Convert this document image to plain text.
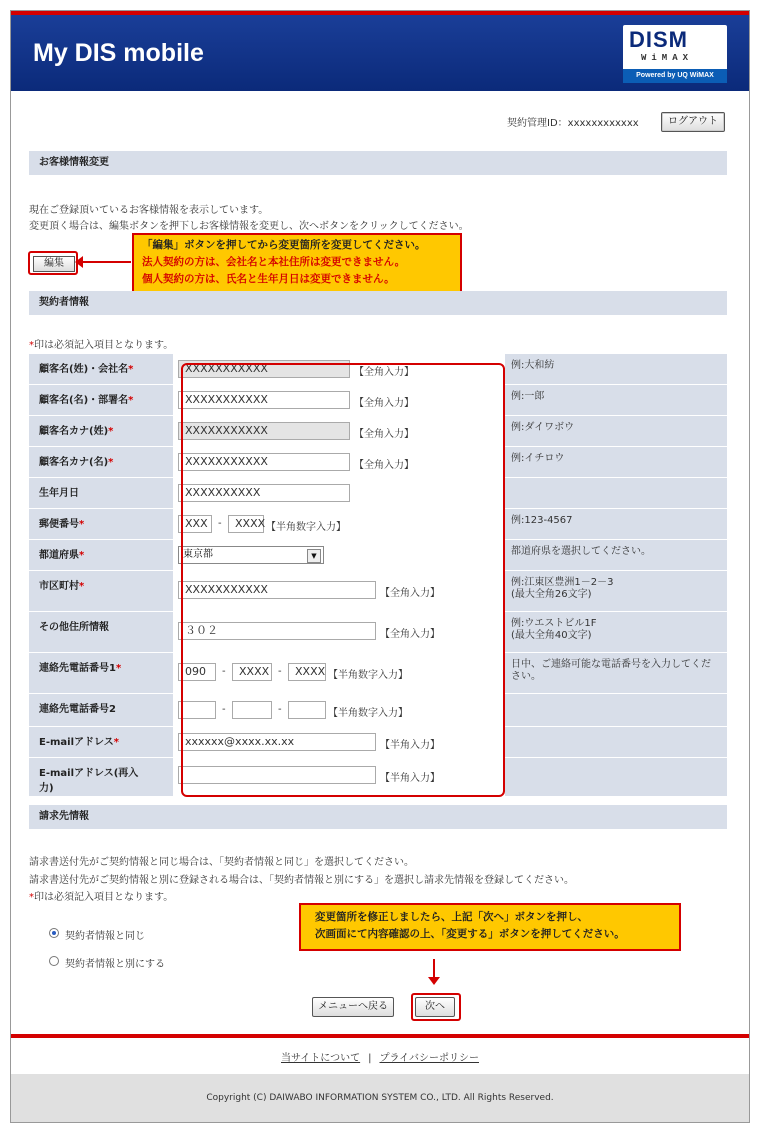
My DIS mobile	DISM
WiMAX
Powered by UQ WiMAX
契約管理ID：xxxxxxxxxxxx	ログアウト
お客様情報変更
現在ご登録頂いているお客様情報を表示しています。
変更頂く場合は、編集ボタンを押下しお客様情報を変更し、次へボタンをクリックしてください。
編集
「編集」ボタンを押してから変更箇所を変更してください。
法人契約の方は、会社名と本社住所は変更できません。
個人契約の方は、氏名と生年月日は変更できません。
契約者情報
*印は必須記入項目となります。
顧客名(姓)・会社名*	XXXXXXXXXXX	【全角入力】
例:大和紡
顧客名(名)・部署名*	XXXXXXXXXXX	【全角入力】
例:一郎
顧客名カナ(姓)*	XXXXXXXXXXX	【全角入力】
例:ダイワボウ
顧客名カナ(名)*	XXXXXXXXXXX	【全角入力】
例:イチロウ
生年月日	XXXXXXXXXX
郵便番号*	XXX	-	XXXX 【半角数字入力】
例:123-4567
都道府県*	東京都	▼	都道府県を選択してください。
市区町村*	XXXXXXXXXXX	【全角入力】
例:江東区豊洲1－2－3
(最大全角26文字)
その他住所情報	３０２	【全角入力】
例:ウエストビル1F
(最大全角40文字)
連絡先電話番号1*	090	-	XXXX -	XXXX 【半角数字入力】
日中、ご連絡可能な電話番号を入力してくだ
さい。
連絡先電話番号2	-	-	【半角数字入力】
E-mailアドレス*	xxxxxx@xxxx.xx.xx	【半角入力】
E-mailアドレス(再入
力)
【半角入力】
請求先情報
請求書送付先がご契約情報と同じ場合は、「契約者情報と同じ」を選択してください。
請求書送付先がご契約情報と別に登録される場合は、「契約者情報と別にする」を選択し請求先情報を登録してください。
*印は必須記入項目となります。
契約者情報と同じ
契約者情報と別にする
変更箇所を修正しましたら、上記「次へ」ボタンを押し、
次画面にて内容確認の上、「変更する」ボタンを押してください。
メニューへ戻る	次へ
当サイトについて | プライバシーポリシー
Copyright (C) DAIWABO INFORMATION SYSTEM CO., LTD. All Rights Reserved.
